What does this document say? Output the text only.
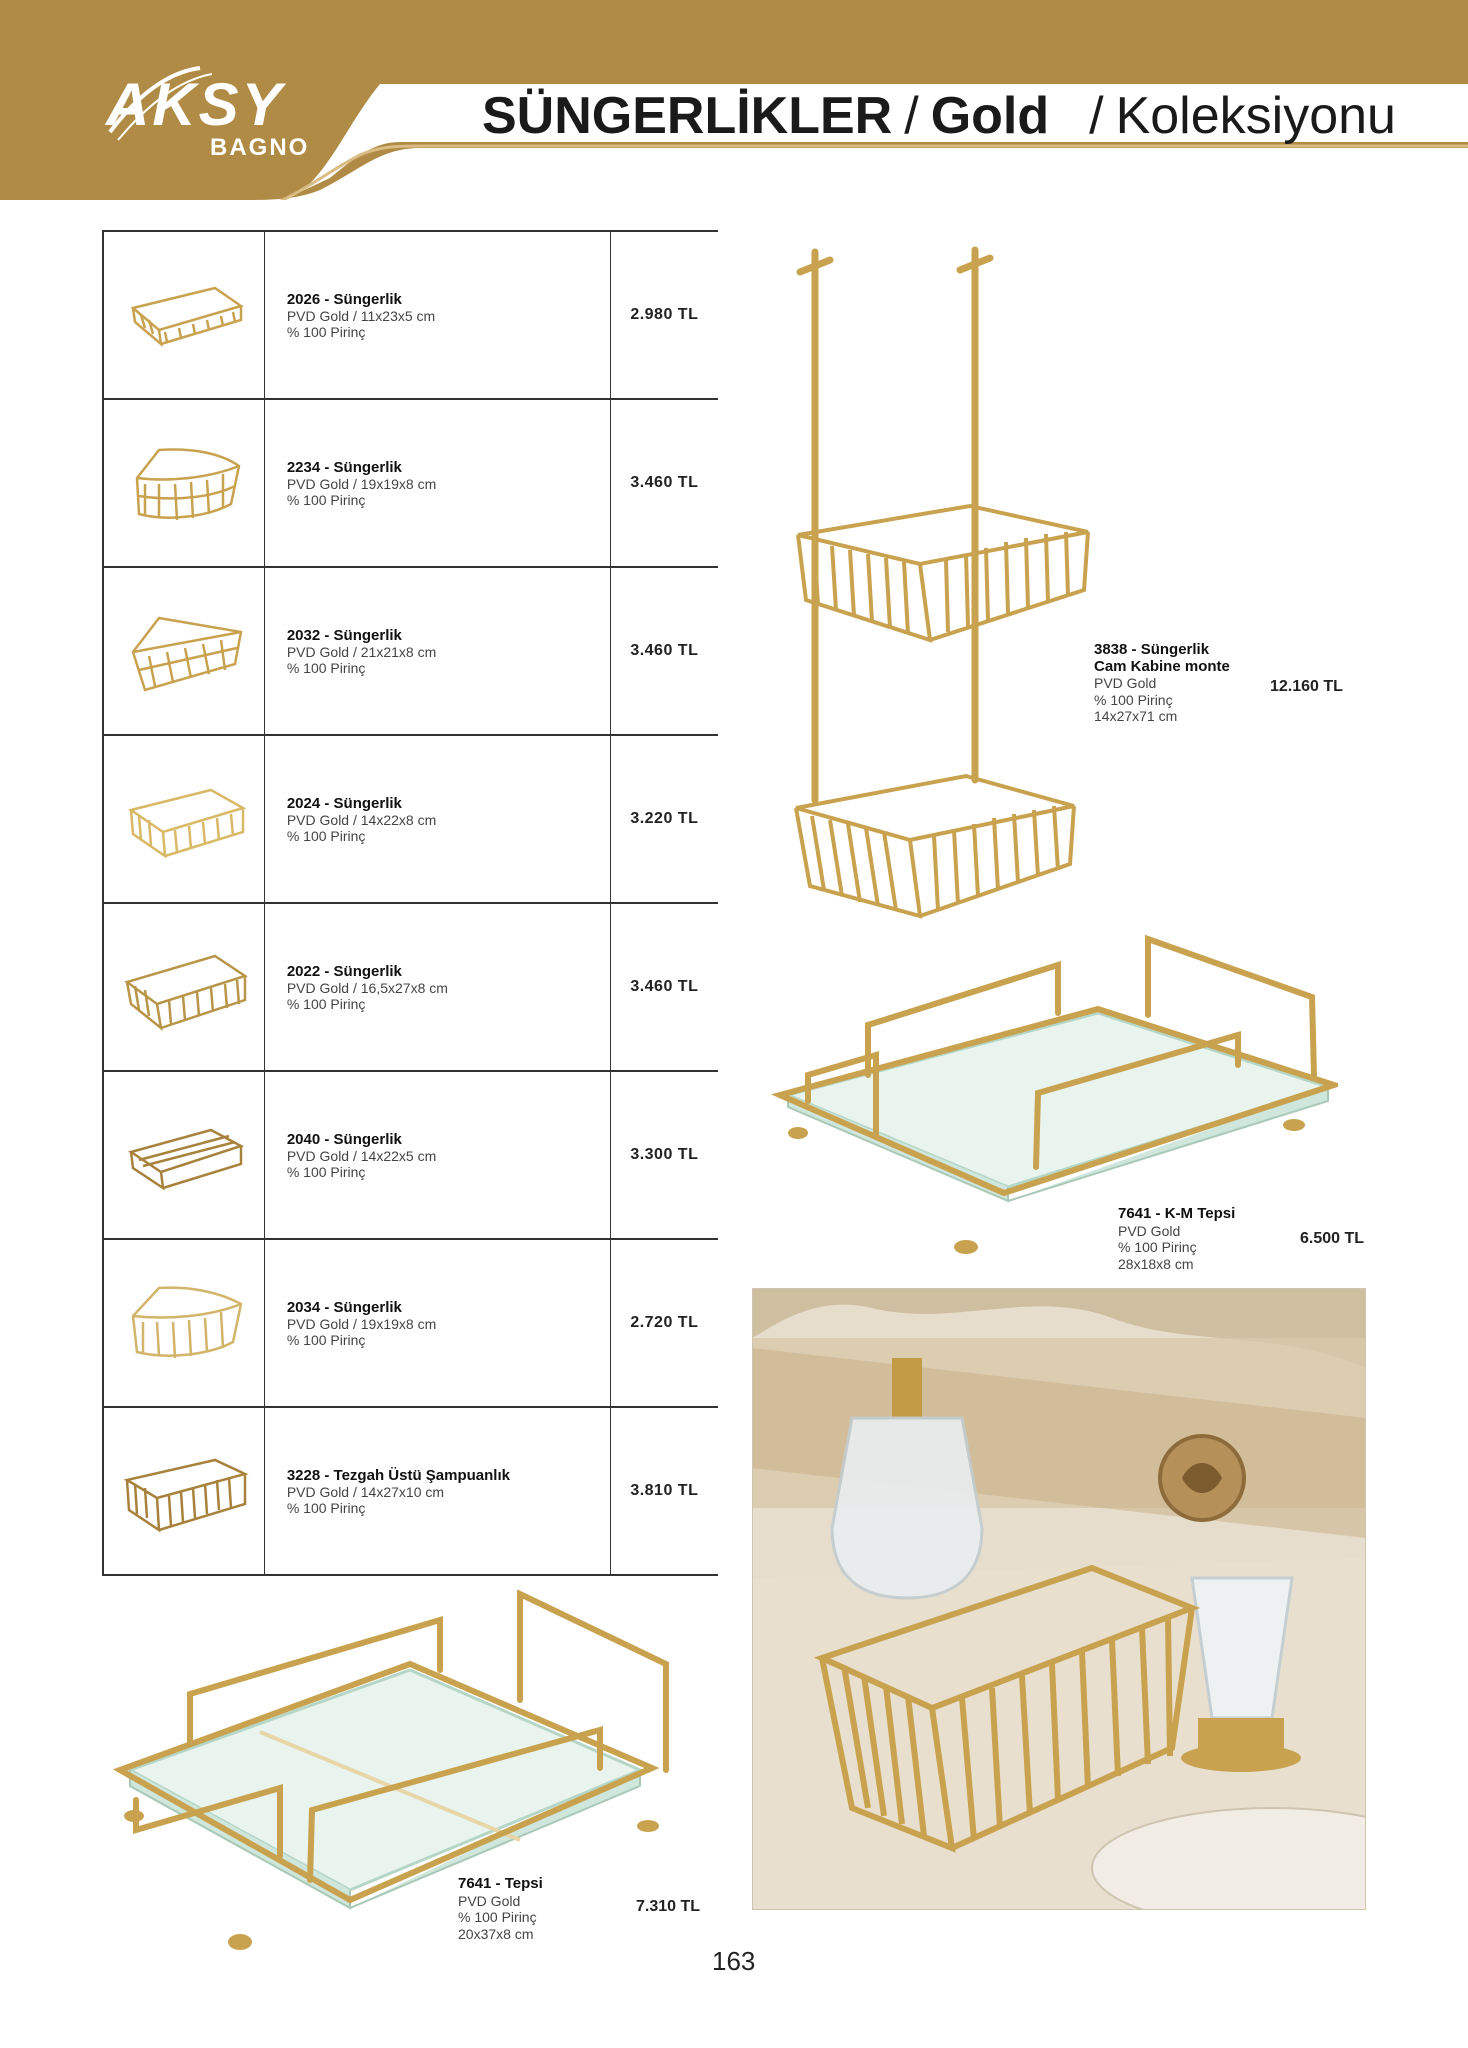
AKSY
BAGNO
SÜNGERLİKLER / Gold / Koleksiyonu

2026 - Süngerlik
PVD Gold / 11x23x5 cm
% 100 Pirinç	2.980 TL

2234 - Süngerlik
PVD Gold / 19x19x8 cm
% 100 Pirinç	3.460 TL

2032 - Süngerlik
PVD Gold / 21x21x8 cm
% 100 Pirinç	3.460 TL

2024 - Süngerlik
PVD Gold / 14x22x8 cm
% 100 Pirinç	3.220 TL

2022 - Süngerlik
PVD Gold / 16,5x27x8 cm
% 100 Pirinç	3.460 TL

2040 - Süngerlik
PVD Gold / 14x22x5 cm
% 100 Pirinç	3.300 TL

2034 - Süngerlik
PVD Gold / 19x19x8 cm
% 100 Pirinç	2.720 TL

3228 - Tezgah Üstü Şampuanlık
PVD Gold / 14x27x10 cm
% 100 Pirinç	3.810 TL
3838 - Süngerlik
Cam Kabine monte
PVD Gold
% 100 Pirinç
14x27x71 cm
12.160 TL
7641 - K-M Tepsi
PVD Gold
% 100 Pirinç
28x18x8 cm
6.500 TL
7641 - Tepsi
PVD Gold
% 100 Pirinç
20x37x8 cm
7.310 TL
163
